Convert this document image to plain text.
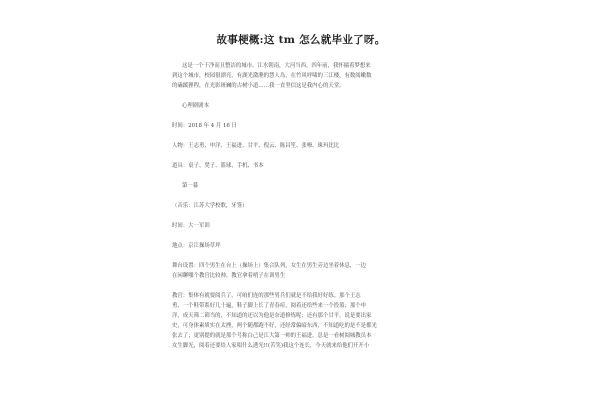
故事梗概:这 tm 怎么就毕业了呀。

这是一个干净而且整洁的城市，江水朝南，大河当西，四年前，我怀揣着梦想来

到这个城市，校园很漂亮，有湖光潋滟的慧人岛，在竹风呼啸的三江楼，有数阅嫩数

的磕蹊狸程，在光影斑斓的古树小道……我一直坚信这是我内心的天堂。

心理剧剧本

时间：2018 年 4 月 16 日

人物：王志勇、申洋、王福进、甘平、倪云、陈昌笙、张嘹、珠玛比比

道具：桌子、凳子、篮球、手机、书本

第一幕

（音乐：江苏大学校歌，牙签）

时间：大一军训

地点：京江操场草坪

舞台设置：四个男生在台上（操场上）集合队列，女生在男生旁边坐着休息，一边

在闲聊哪个教官比较帅。教官拿着哨子在训男生

教官：集体有就要阅兵了，可咱们连的那些男兵们就是不给我好好练。那个王志

勇，一个鞋带系好几十遍，鞋子脚上长了青春痘，阅着还给些来一个投篮；那个申

洋，成天筛二筛当的，不知道的还以为他是奈道修炼呢；还有那个甘平，说是要出家

史，可身体素质实在太挫，两个随都跑不好，还经常偏暗东西，不知道吃的是不是都光

张去了；更别提的就是那个号称白己是江大第一帅的王福进，总是一看树阅城教员本

女生脚光，阅着还要给人家唱什么透光!!(苦笑)我这个连长，今天就来给他们开开小
